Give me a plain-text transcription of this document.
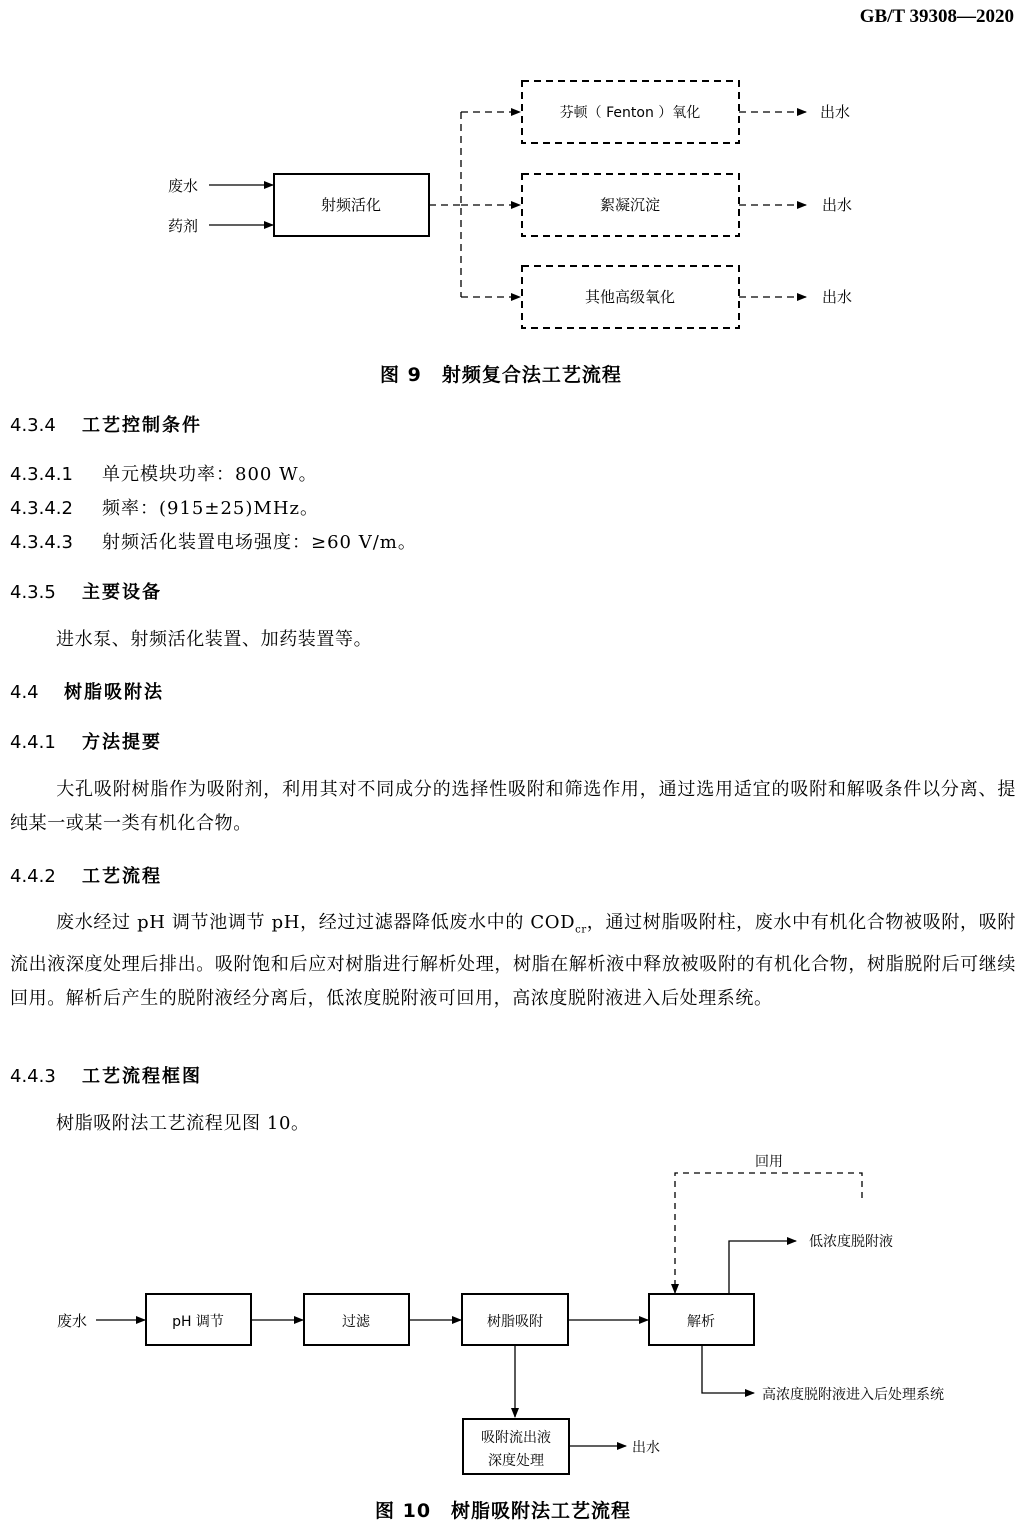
GB/T 39308—2020
废水
药剂
射频活化
芬顿（ Fenton ）氧化
絮凝沉淀
其他高级氧化
出水
出水
出水
图 9　射频复合法工艺流程
4.3.4 工艺控制条件
4.3.4.1 单元模块功率：800 W。
4.3.4.2 频率：(915±25)MHz。
4.3.4.3 射频活化装置电场强度：≥60 V/m。
4.3.5 主要设备
进水泵、射频活化装置、加药装置等。
4.4 树脂吸附法
4.4.1 方法提要
大孔吸附树脂作为吸附剂，利用其对不同成分的选择性吸附和筛选作用，通过选用适宜的吸附和解吸条件以分离、提纯某一或某一类有机化合物。
4.4.2 工艺流程
废水经过 pH 调节池调节 pH，经过过滤器降低废水中的 $COD_{cr}$，通过树脂吸附柱，废水中有机化合物被吸附，吸附流出液深度处理后排出。吸附饱和后应对树脂进行解析处理，树脂在解析液中释放被吸附的有机化合物，树脂脱附后可继续回用。解析后产生的脱附液经分离后，低浓度脱附液可回用，高浓度脱附液进入后处理系统。
4.4.3 工艺流程框图
树脂吸附法工艺流程见图 10。
废水	pH 调节	过滤	树脂吸附	解析
回用
低浓度脱附液
高浓度脱附液进入后处理系统
吸附流出液
深度处理
出水
图 10　树脂吸附法工艺流程
